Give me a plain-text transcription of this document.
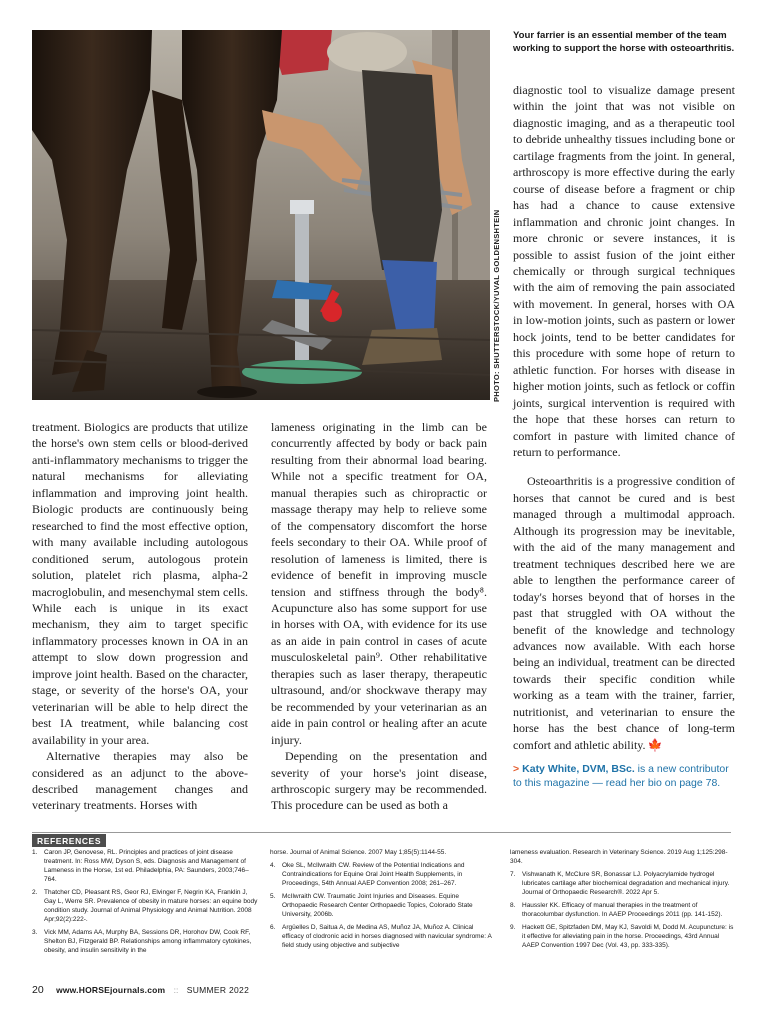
PHOTO: SHUTTERSTOCK/YUVAL GOLDENSHTEIN
Your farrier is an essential member of the team working to support the horse with osteoarthritis.

treatment. Biologics are products that utilize the horse's own stem cells or blood-derived anti-inflammatory mechanisms to trigger the natural mechanisms for alleviating inflammation and improving joint health. Biologic products are continuously being researched to find the most effective option, with many available including autologous conditioned serum, autologous protein solution, platelet rich plasma, alpha-2 macroglobulin, and mesenchymal stem cells. While each is unique in its exact mechanism, they aim to target specific inflammatory processes known in OA in an attempt to slow down progression and improve joint health. Based on the character, stage, or severity of the horse's OA, your veterinarian will be able to help direct the best IA treatment, while balancing cost availability in your area.

Alternative therapies may also be considered as an adjunct to the above-described management changes and veterinary treatments. Horses with

lameness originating in the limb can be concurrently affected by body or back pain resulting from their abnormal load bearing. While not a specific treatment for OA, manual therapies such as chiropractic or massage therapy may help to relieve some of the compensatory discomfort the horse feels secondary to their OA. While proof of resolution of lameness is limited, there is evidence of benefit in improving muscle tension and stiffness through the body⁸. Acupuncture also has some support for use in horses with OA, with evidence for its use as an aide in pain control in cases of acute musculoskeletal pain⁹. Other rehabilitative therapies such as laser therapy, therapeutic ultrasound, and/or shockwave therapy may be recommended by your veterinarian as an aide in pain control or healing after an acute injury.

Depending on the presentation and severity of your horse's joint disease, arthroscopic surgery may be recommended. This procedure can be used as both a

diagnostic tool to visualize damage present within the joint that was not visible on diagnostic imaging, and as a therapeutic tool to debride unhealthy tissues including bone or cartilage fragments from the joint. In general, arthroscopy is more effective during the early course of disease before a fragment or chip has had a chance to cause extensive inflammation and chronic joint changes. In more chronic or severe instances, it is possible to assist fusion of the joint either chemically or through surgical techniques with the aim of removing the pain associated with movement. In general, horses with OA in low-motion joints, such as pastern or lower hock joints, tend to be better candidates for this procedure with some hope of return to athletic function. For horses with disease in higher motion joints, such as fetlock or coffin joints, surgical intervention is required with the hope that these horses can return to comfort in pasture with limited chance of return to performance.

Osteoarthritis is a progressive condition of horses that cannot be cured and is best managed through a multimodal approach. Although its progression may be inevitable, with the aid of the many management and treatment techniques described here we are able to lengthen the performance career of today's horses beyond that of horses in the past that struggled with OA without the benefit of the knowledge and technology advances now available. With each horse being an individual, treatment can be directed towards their specific condition while working as a team with the trainer, farrier, nutritionist, and veterinarian to ensure the horse has the best chance of long-term comfort and athletic ability. 🍁

> Katy White, DVM, BSc. is a new contributor to this magazine — read her bio on page 78.
REFERENCES
1. Caron JP, Genovese, RL. Principles and practices of joint disease treatment. In: Ross MW, Dyson S, eds. Diagnosis and Management of Lameness in the Horse, 1st ed. Philadelphia, PA: Saunders, 2003;746–764.
2. Thatcher CD, Pleasant RS, Geor RJ, Elvinger F, Negrin KA, Franklin J, Gay L, Werre SR. Prevalence of obesity in mature horses: an equine body condition study. Journal of Animal Physiology and Animal Nutrition. 2008 Apr;92(2):222-.
3. Vick MM, Adams AA, Murphy BA, Sessions DR, Horohov DW, Cook RF, Shelton BJ, Fitzgerald BP. Relationships among inflammatory cytokines, obesity, and insulin sensitivity in the
horse. Journal of Animal Science. 2007 May 1;85(5):1144-55.
4. Oke SL, McIlwraith CW. Review of the Potential Indications and Contraindications for Equine Oral Joint Health Supplements, in Proceedings, 54th Annual AAEP Convention 2008; 261–267.
5. McIlwraith CW. Traumatic Joint Injuries and Diseases. Equine Orthopaedic Research Center Orthopaedic Topics, Colorado State University, 2006b.
6. Argüelles D, Saitua A, de Medina AS, Muñoz JA, Muñoz A. Clinical efficacy of clodronic acid in horses diagnosed with navicular syndrome: A field study using objective and subjective
lameness evaluation. Research in Veterinary Science. 2019 Aug 1;125:298-304.
7. Vishwanath K, McClure SR, Bonassar LJ. Polyacrylamide hydrogel lubricates cartilage after biochemical degradation and mechanical injury. Journal of Orthopaedic Research®. 2022 Apr 5.
8. Haussler KK. Efficacy of manual therapies in the treatment of thoracolumbar dysfunction. In AAEP Proceedings 2011 (pp. 141-152).
9. Hackett GE, Spitzfaden DM, May KJ, Savoldi M, Dodd M. Acupuncture: is it effective for alleviating pain in the horse. Proceedings, 43rd Annual AAEP Convention 1997 Dec (Vol. 43, pp. 333-335).
20 www.HORSEjournals.com :: SUMMER 2022
